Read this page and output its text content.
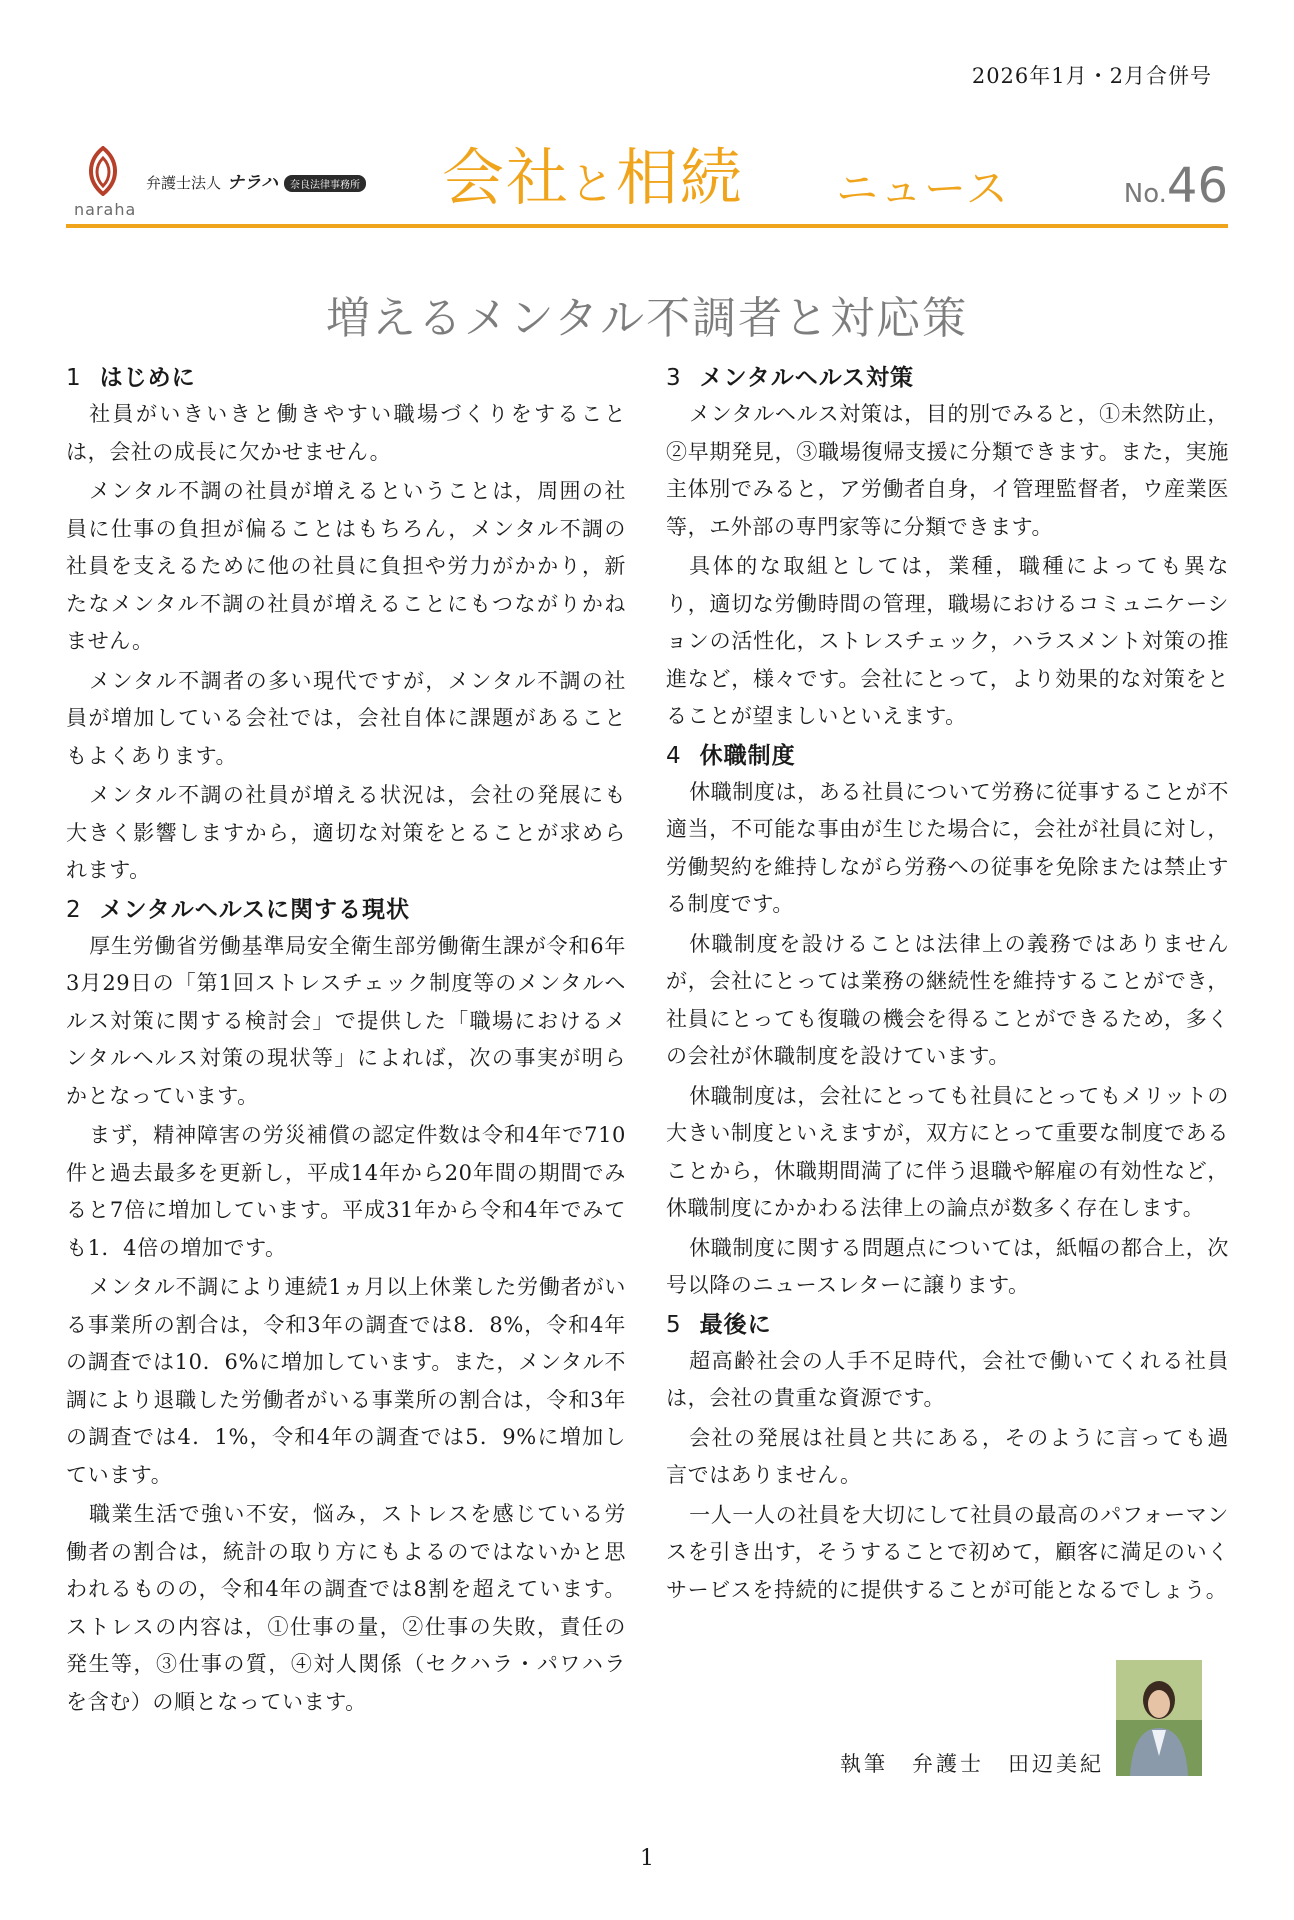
2026年1月・2月合併号
naraha
弁護士法人 ナラハ 奈良法律事務所 会社と相続 ニュース	No.46
増えるメンタル不調者と対応策
1 はじめに

社員がいきいきと働きやすい職場づくりをすることは，会社の成長に欠かせません。

メンタル不調の社員が増えるということは，周囲の社員に仕事の負担が偏ることはもちろん，メンタル不調の社員を支えるために他の社員に負担や労力がかかり，新たなメンタル不調の社員が増えることにもつながりかねません。

メンタル不調者の多い現代ですが，メンタル不調の社員が増加している会社では，会社自体に課題があることもよくあります。

メンタル不調の社員が増える状況は，会社の発展にも大きく影響しますから，適切な対策をとることが求められます。

2 メンタルヘルスに関する現状

厚生労働省労働基準局安全衛生部労働衛生課が令和6年3月29日の「第1回ストレスチェック制度等のメンタルヘルス対策に関する検討会」で提供した「職場におけるメンタルヘルス対策の現状等」によれば，次の事実が明らかとなっています。

まず，精神障害の労災補償の認定件数は令和4年で710件と過去最多を更新し，平成14年から20年間の期間でみると7倍に増加しています。平成31年から令和4年でみても1．4倍の増加です。

メンタル不調により連続1ヵ月以上休業した労働者がいる事業所の割合は，令和3年の調査では8．8%，令和4年の調査では10．6%に増加しています。また，メンタル不調により退職した労働者がいる事業所の割合は，令和3年の調査では4．1%，令和4年の調査では5．9%に増加しています。

職業生活で強い不安，悩み，ストレスを感じている労働者の割合は，統計の取り方にもよるのではないかと思われるものの，令和4年の調査では8割を超えています。ストレスの内容は，①仕事の量，②仕事の失敗，責任の発生等，③仕事の質，④対人関係（セクハラ・パワハラを含む）の順となっています。

3 メンタルヘルス対策

メンタルヘルス対策は，目的別でみると，①未然防止，②早期発見，③職場復帰支援に分類できます。また，実施主体別でみると，ア労働者自身，イ管理監督者，ウ産業医等，エ外部の専門家等に分類できます。

具体的な取組としては，業種，職種によっても異なり，適切な労働時間の管理，職場におけるコミュニケーションの活性化，ストレスチェック，ハラスメント対策の推進など，様々です。会社にとって，より効果的な対策をとることが望ましいといえます。

4 休職制度

休職制度は，ある社員について労務に従事することが不適当，不可能な事由が生じた場合に，会社が社員に対し，労働契約を維持しながら労務への従事を免除または禁止する制度です。

休職制度を設けることは法律上の義務ではありませんが，会社にとっては業務の継続性を維持することができ，社員にとっても復職の機会を得ることができるため，多くの会社が休職制度を設けています。

休職制度は，会社にとっても社員にとってもメリットの大きい制度といえますが，双方にとって重要な制度であることから，休職期間満了に伴う退職や解雇の有効性など，休職制度にかかわる法律上の論点が数多く存在します。

休職制度に関する問題点については，紙幅の都合上，次号以降のニュースレターに譲ります。

5 最後に

超高齢社会の人手不足時代，会社で働いてくれる社員は，会社の貴重な資源です。

会社の発展は社員と共にある，そのように言っても過言ではありません。

一人一人の社員を大切にして社員の最高のパフォーマンスを引き出す，そうすることで初めて，顧客に満足のいくサービスを持続的に提供することが可能となるでしょう。

執筆　弁護士　田辺美紀
1
